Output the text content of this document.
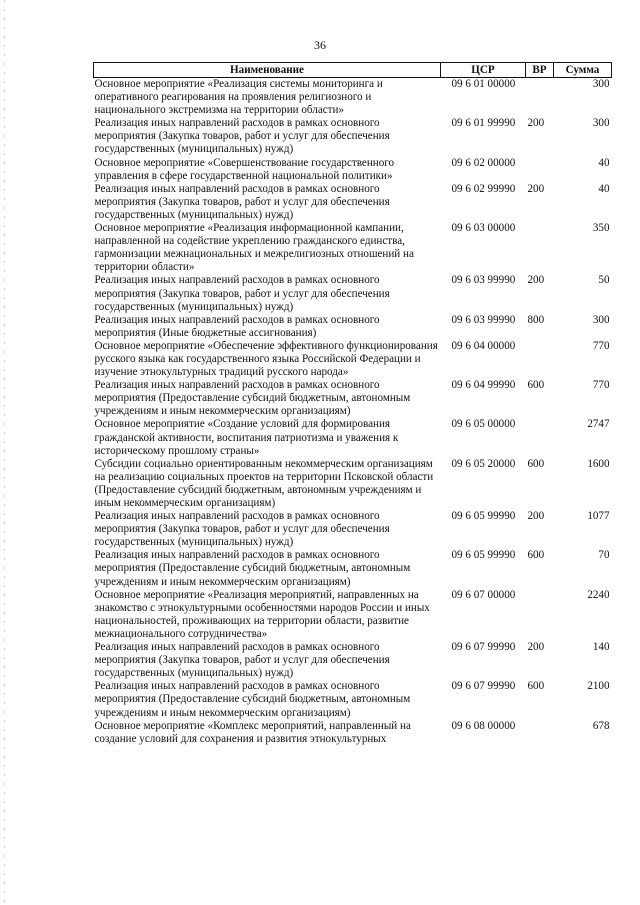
36
Наименование	ЦСР	ВР	Сумма
Основное мероприятие «Реализация системы мониторинга и оперативного реагирования на проявления религиозного и национального экстремизма на территории области»	09 6 01 00000		300
Реализация иных направлений расходов в рамках основного мероприятия (Закупка товаров, работ и услуг для обеспечения государственных (муниципальных) нужд)	09 6 01 99990	200	300
Основное мероприятие «Совершенствование государственного управления в сфере государственной национальной политики»	09 6 02 00000		40
Реализация иных направлений расходов в рамках основного мероприятия (Закупка товаров, работ и услуг для обеспечения государственных (муниципальных) нужд)	09 6 02 99990	200	40
Основное мероприятие «Реализация информационной кампании, направленной на содействие укреплению гражданского единства, гармонизации межнациональных и межрелигиозных отношений на территории области»	09 6 03 00000		350
Реализация иных направлений расходов в рамках основного мероприятия (Закупка товаров, работ и услуг для обеспечения государственных (муниципальных) нужд)	09 6 03 99990	200	50
Реализация иных направлений расходов в рамках основного мероприятия (Иные бюджетные ассигнования)	09 6 03 99990	800	300
Основное мероприятие «Обеспечение эффективного функционирования русского языка как государственного языка Российской Федерации и изучение этнокультурных традиций русского народа»	09 6 04 00000		770
Реализация иных направлений расходов в рамках основного мероприятия (Предоставление субсидий бюджетным, автономным учреждениям и иным некоммерческим организациям)	09 6 04 99990	600	770
Основное мероприятие «Создание условий для формирования гражданской активности, воспитания патриотизма и уважения к историческому прошлому страны»	09 6 05 00000		2747
Субсидии социально ориентированным некоммерческим организациям на реализацию социальных проектов на территории Псковской области (Предоставление субсидий бюджетным, автономным учреждениям и иным некоммерческим организациям)	09 6 05 20000	600	1600
Реализация иных направлений расходов в рамках основного мероприятия (Закупка товаров, работ и услуг для обеспечения государственных (муниципальных) нужд)	09 6 05 99990	200	1077
Реализация иных направлений расходов в рамках основного мероприятия (Предоставление субсидий бюджетным, автономным учреждениям и иным некоммерческим организациям)	09 6 05 99990	600	70
Основное мероприятие «Реализация мероприятий, направленных на знакомство с этнокультурными особенностями народов России и иных национальностей, проживающих на территории области, развитие межнационального сотрудничества»	09 6 07 00000		2240
Реализация иных направлений расходов в рамках основного мероприятия (Закупка товаров, работ и услуг для обеспечения государственных (муниципальных) нужд)	09 6 07 99990	200	140
Реализация иных направлений расходов в рамках основного мероприятия (Предоставление субсидий бюджетным, автономным учреждениям и иным некоммерческим организациям)	09 6 07 99990	600	2100
Основное мероприятие «Комплекс мероприятий, направленный на создание условий для сохранения и развития этнокультурных	09 6 08 00000		678
